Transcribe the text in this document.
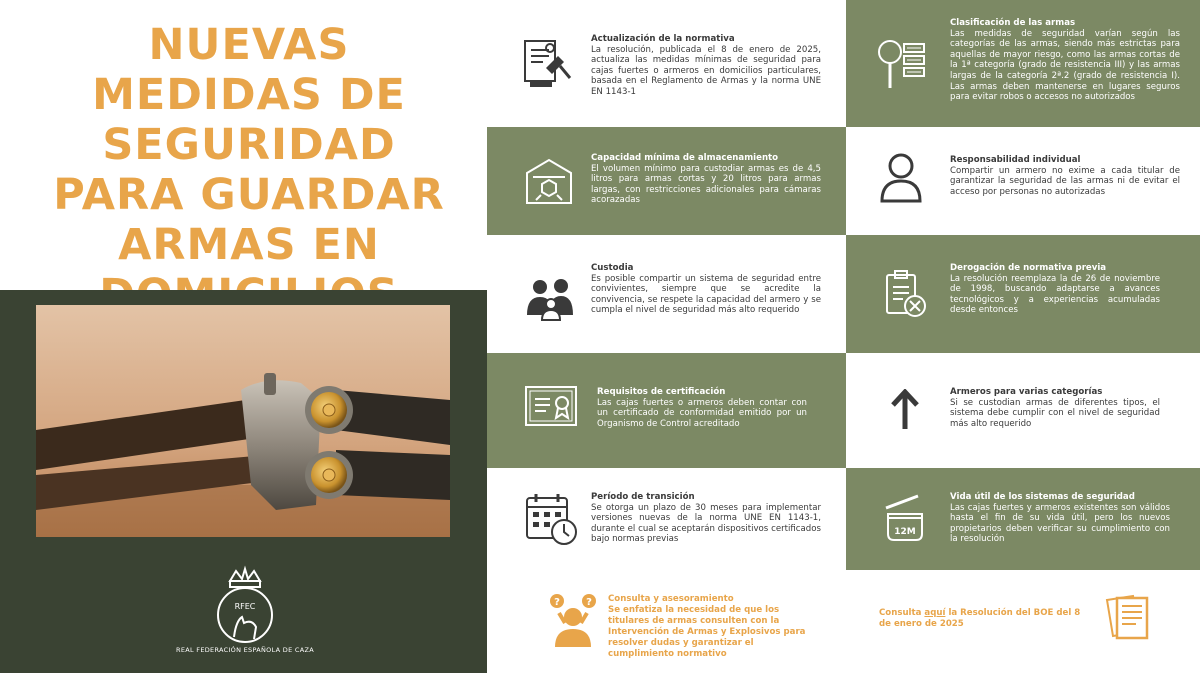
NUEVAS MEDIDAS DE SEGURIDAD PARA GUARDAR ARMAS EN
RFEC
REAL FEDERACIÓN ESPAÑOLA DE CAZA
Actualización de la normativa
La resolución, publicada el 8 de enero de 2025, actualiza las medidas mínimas de seguridad para cajas fuertes o armeros en domicilios particulares, basada en el Reglamento de Armas y la norma UNE EN 1143-1
Capacidad mínima de almacenamiento
El volumen mínimo para custodiar armas es de 4,5 litros para armas cortas y 20 litros para armas largas, con restricciones adicionales para cámaras acorazadas
Custodia
Es posible compartir un sistema de seguridad entre convivientes, siempre que se acredite la convivencia, se respete la capacidad del armero y se cumpla el nivel de seguridad más alto requerido
Requisitos de certificación
Las cajas fuertes o armeros deben contar con un certificado de conformidad emitido por un Organismo de Control acreditado
Período de transición
Se otorga un plazo de 30 meses para implementar versiones nuevas de la norma UNE EN 1143-1, durante el cual se aceptarán dispositivos certificados bajo normas previas
Clasificación de las armas
Las medidas de seguridad varían según las categorías de las armas, siendo más estrictas para aquellas de mayor riesgo, como las armas cortas de la 1ª categoría (grado de resistencia III) y las armas largas de la categoría 2ª.2 (grado de resistencia I). Las armas deben mantenerse en lugares seguros para evitar robos o accesos no autorizados
Responsabilidad individual
Compartir un armero no exime a cada titular de garantizar la seguridad de las armas ni de evitar el acceso por personas no autorizadas
Derogación de normativa previa
La resolución reemplaza la de 26 de noviembre de 1998, buscando adaptarse a avances tecnológicos y a experiencias acumuladas desde entonces
Armeros para varias categorías
Si se custodian armas de diferentes tipos, el sistema debe cumplir con el nivel de seguridad más alto requerido
12M
Vida útil de los sistemas de seguridad
Las cajas fuertes y armeros existentes son válidos hasta el fin de su vida útil, pero los nuevos propietarios deben verificar su cumplimiento con la resolución
?	? Consulta y asesoramiento
Se enfatiza la necesidad de que los titulares de armas consulten con la Intervención de Armas y Explosivos para resolver dudas y garantizar el cumplimiento normativo
Consulta aquí la Resolución del BOE del 8 de enero de 2025
